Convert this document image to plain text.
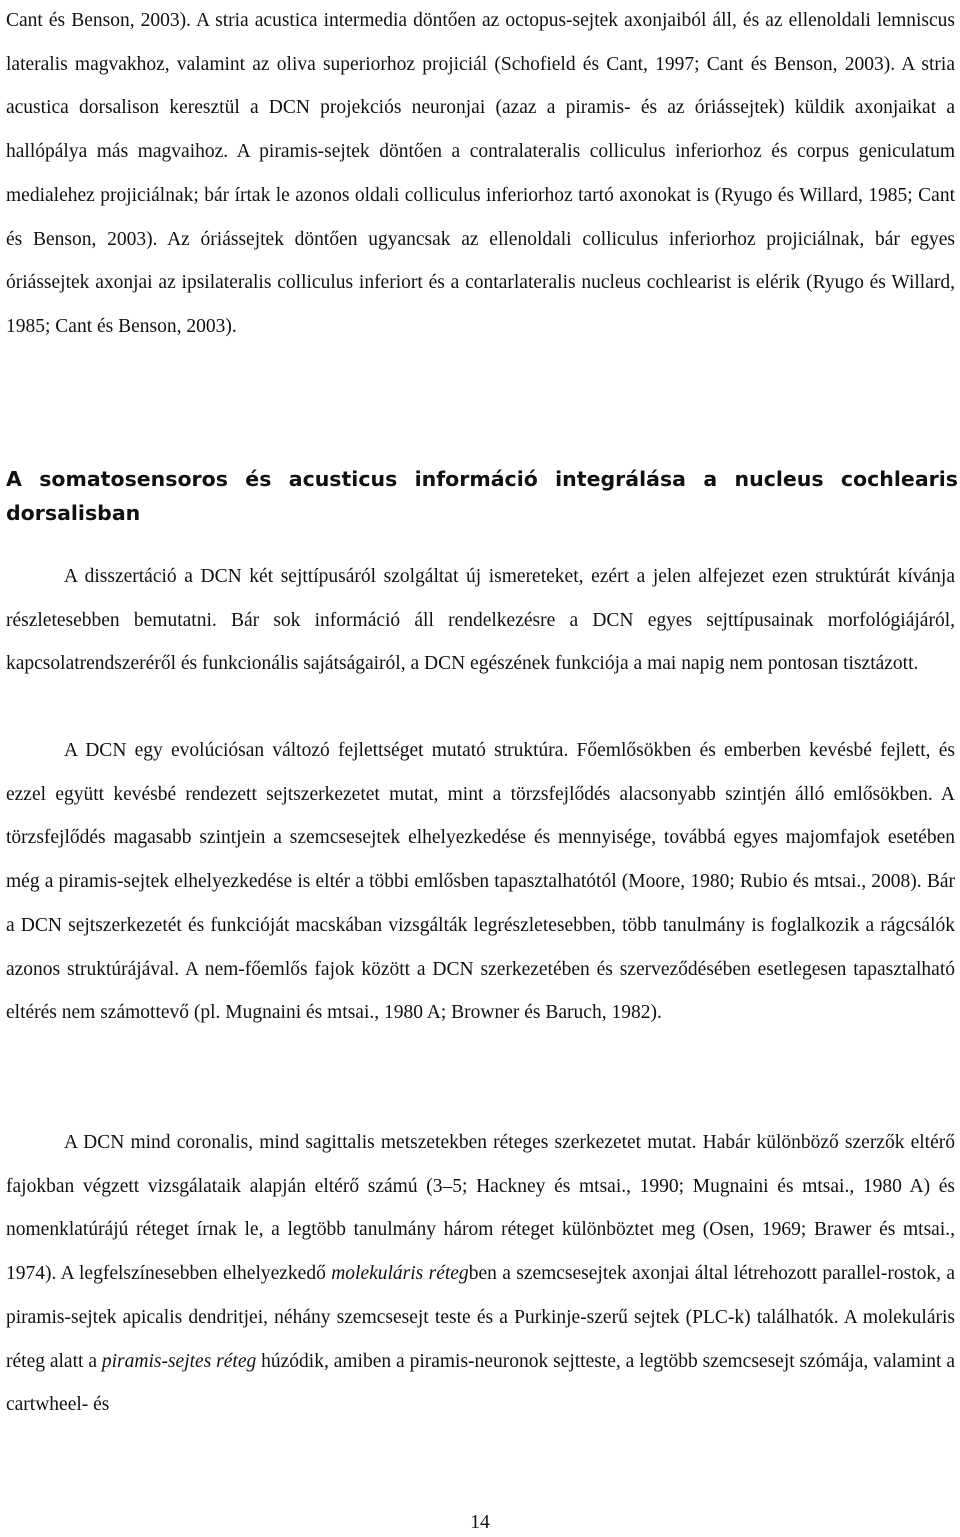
Cant és Benson, 2003). A stria acustica intermedia döntően az octopus-sejtek axonjaiból áll, és az ellenoldali lemniscus lateralis magvakhoz, valamint az oliva superiorhoz projiciál (Schofield és Cant, 1997; Cant és Benson, 2003). A stria acustica dorsalison keresztül a DCN projekciós neuronjai (azaz a piramis- és az óriássejtek) küldik axonjaikat a hallópálya más magvaihoz. A piramis-sejtek döntően a contralateralis colliculus inferiorhoz és corpus geniculatum medialehez projiciálnak; bár írtak le azonos oldali colliculus inferiorhoz tartó axonokat is (Ryugo és Willard, 1985; Cant és Benson, 2003). Az óriássejtek döntően ugyancsak az ellenoldali colliculus inferiorhoz projiciálnak, bár egyes óriássejtek axonjai az ipsilateralis colliculus inferiort és a contarlateralis nucleus cochlearist is elérik (Ryugo és Willard, 1985; Cant és Benson, 2003).

A somatosensoros és acusticus információ integrálása a nucleus cochlearis dorsalisban

A disszertáció a DCN két sejttípusáról szolgáltat új ismereteket, ezért a jelen alfejezet ezen struktúrát kívánja részletesebben bemutatni. Bár sok információ áll rendelkezésre a DCN egyes sejttípusainak morfológiájáról, kapcsolatrendszeréről és funkcionális sajátságairól, a DCN egészének funkciója a mai napig nem pontosan tisztázott.

A DCN egy evolúciósan változó fejlettséget mutató struktúra. Főemlősökben és emberben kevésbé fejlett, és ezzel együtt kevésbé rendezett sejtszerkezetet mutat, mint a törzsfejlődés alacsonyabb szintjén álló emlősökben. A törzsfejlődés magasabb szintjein a szemcsesejtek elhelyezkedése és mennyisége, továbbá egyes majomfajok esetében még a piramis-sejtek elhelyezkedése is eltér a többi emlősben tapasztalhatótól (Moore, 1980; Rubio és mtsai., 2008). Bár a DCN sejtszerkezetét és funkcióját macskában vizsgálták legrészletesebben, több tanulmány is foglalkozik a rágcsálók azonos struktúrájával. A nem-főemlős fajok között a DCN szerkezetében és szerveződésében esetlegesen tapasztalható eltérés nem számottevő (pl. Mugnaini és mtsai., 1980 A; Browner és Baruch, 1982).

A DCN mind coronalis, mind sagittalis metszetekben réteges szerkezetet mutat. Habár különböző szerzők eltérő fajokban végzett vizsgálataik alapján eltérő számú (3–5; Hackney és mtsai., 1990; Mugnaini és mtsai., 1980 A) és nomenklatúrájú réteget írnak le, a legtöbb tanulmány három réteget különböztet meg (Osen, 1969; Brawer és mtsai., 1974). A legfelszínesebben elhelyezkedő molekuláris rétegben a szemcsesejtek axonjai által létrehozott parallel-rostok, a piramis-sejtek apicalis dendritjei, néhány szemcsesejt teste és a Purkinje-szerű sejtek (PLC-k) találhatók. A molekuláris réteg alatt a piramis-sejtes réteg húzódik, amiben a piramis-neuronok sejtteste, a legtöbb szemcsesejt szómája, valamint a cartwheel- és

14
